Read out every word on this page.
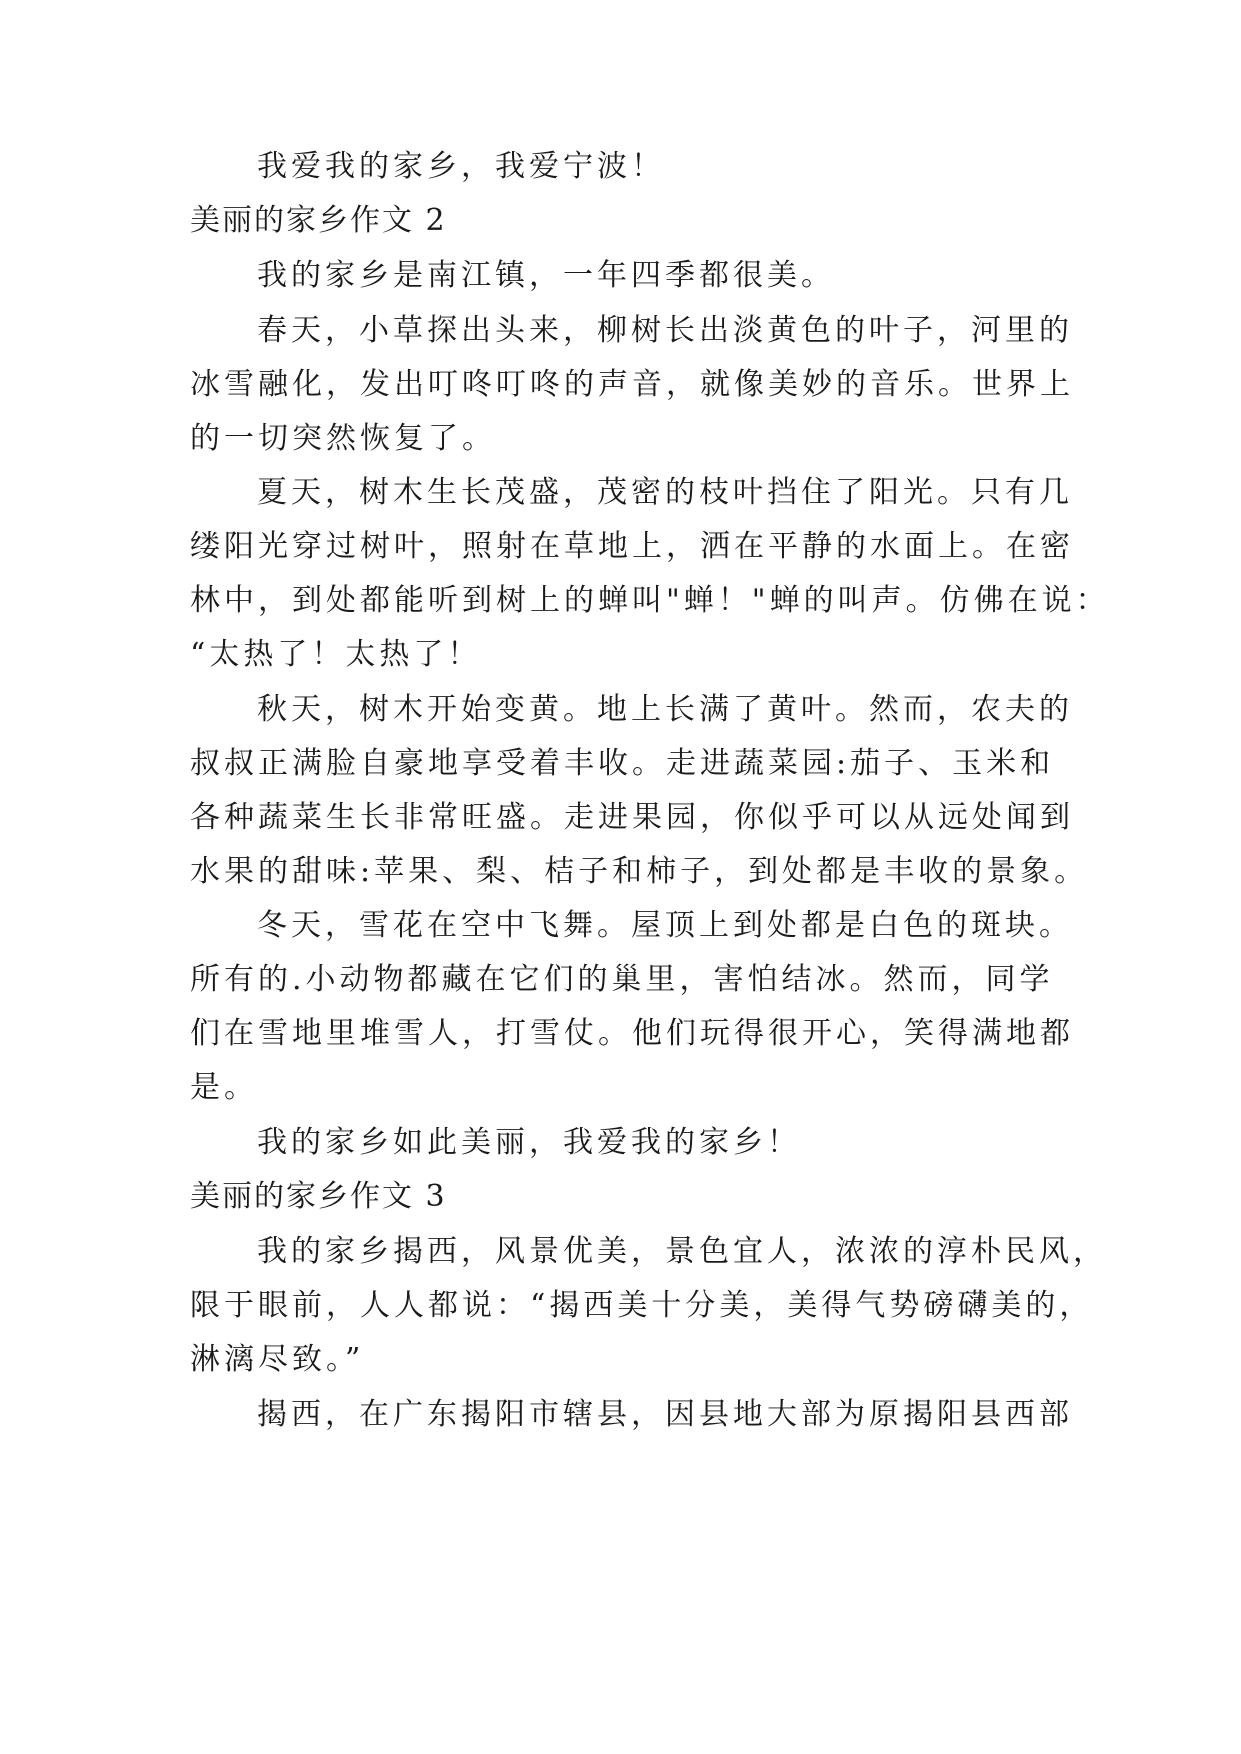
我爱我的家乡，我爱宁波！
美丽的家乡作文 2
我的家乡是南江镇，一年四季都很美。
春天，小草探出头来，柳树长出淡黄色的叶子，河里的
冰雪融化，发出叮咚叮咚的声音，就像美妙的音乐。世界上
的一切突然恢复了。
夏天，树木生长茂盛，茂密的枝叶挡住了阳光。只有几
缕阳光穿过树叶，照射在草地上，洒在平静的水面上。在密
林中，到处都能听到树上的蝉叫"蝉！"蝉的叫声。仿佛在说：
“太热了！太热了！
秋天，树木开始变黄。地上长满了黄叶。然而，农夫的
叔叔正满脸自豪地享受着丰收。走进蔬菜园:茄子、玉米和
各种蔬菜生长非常旺盛。走进果园，你似乎可以从远处闻到
水果的甜味:苹果、梨、桔子和柿子，到处都是丰收的景象。
冬天，雪花在空中飞舞。屋顶上到处都是白色的斑块。
所有的.小动物都藏在它们的巢里，害怕结冰。然而，同学
们在雪地里堆雪人，打雪仗。他们玩得很开心，笑得满地都
是。
我的家乡如此美丽，我爱我的家乡！
美丽的家乡作文 3
我的家乡揭西，风景优美，景色宜人，浓浓的淳朴民风，
限于眼前，人人都说：“揭西美十分美，美得气势磅礴美的，
淋漓尽致。”
揭西，在广东揭阳市辖县，因县地大部为原揭阳县西部
